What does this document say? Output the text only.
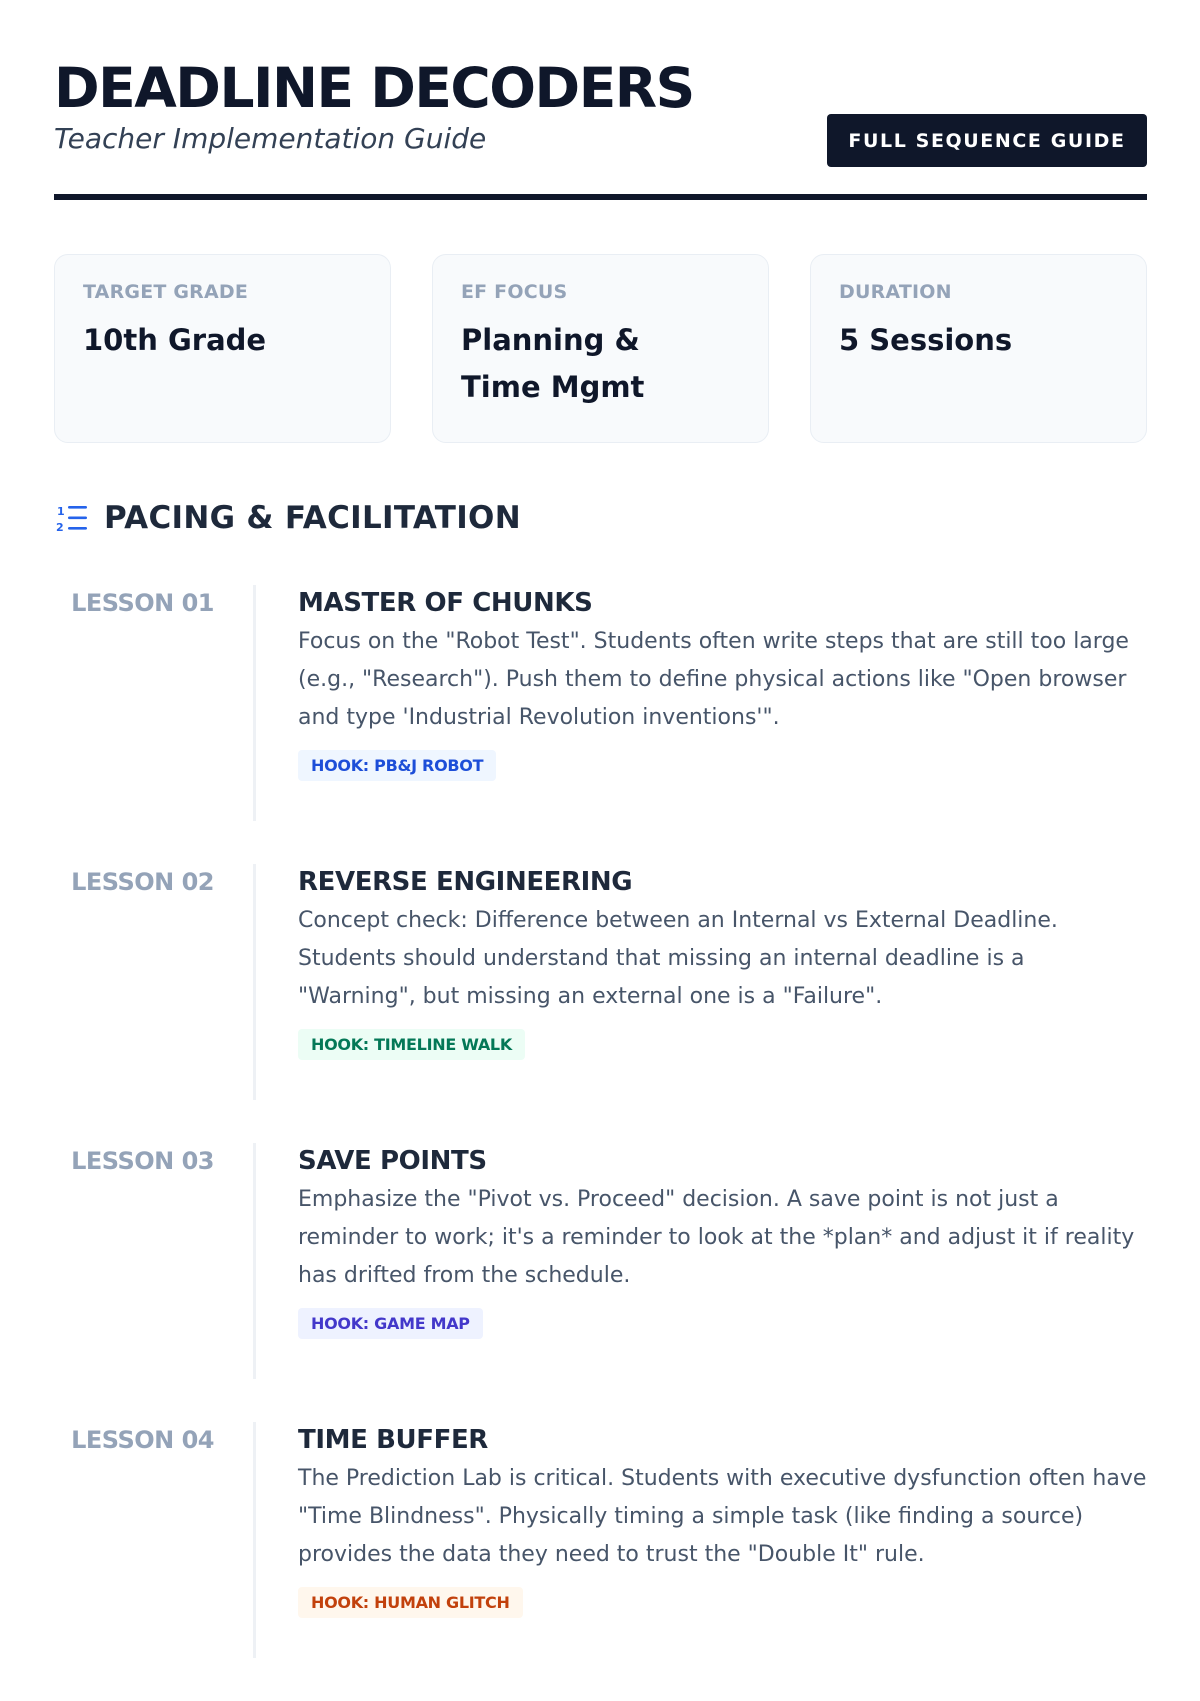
DEADLINE DECODERS
Teacher Implementation Guide	FULL SEQUENCE GUIDE
TARGET GRADE
10th Grade
EF FOCUS
Planning & Time Mgmt
DURATION
5 Sessions
1
2 PACING & FACILITATION
LESSON 01	MASTER OF CHUNKS
Focus on the "Robot Test". Students often write steps that are still too large (e.g., "Research"). Push them to define physical actions like "Open browser and type 'Industrial Revolution inventions'".
HOOK: PB&J ROBOT
LESSON 02	REVERSE ENGINEERING
Concept check: Difference between an Internal vs External Deadline. Students should understand that missing an internal deadline is a "Warning", but missing an external one is a "Failure".
HOOK: TIMELINE WALK
LESSON 03	SAVE POINTS
Emphasize the "Pivot vs. Proceed" decision. A save point is not just a reminder to work; it's a reminder to look at the *plan* and adjust it if reality has drifted from the schedule.
HOOK: GAME MAP
LESSON 04	TIME BUFFER
The Prediction Lab is critical. Students with executive dysfunction often have "Time Blindness". Physically timing a simple task (like finding a source) provides the data they need to trust the "Double It" rule.
HOOK: HUMAN GLITCH
